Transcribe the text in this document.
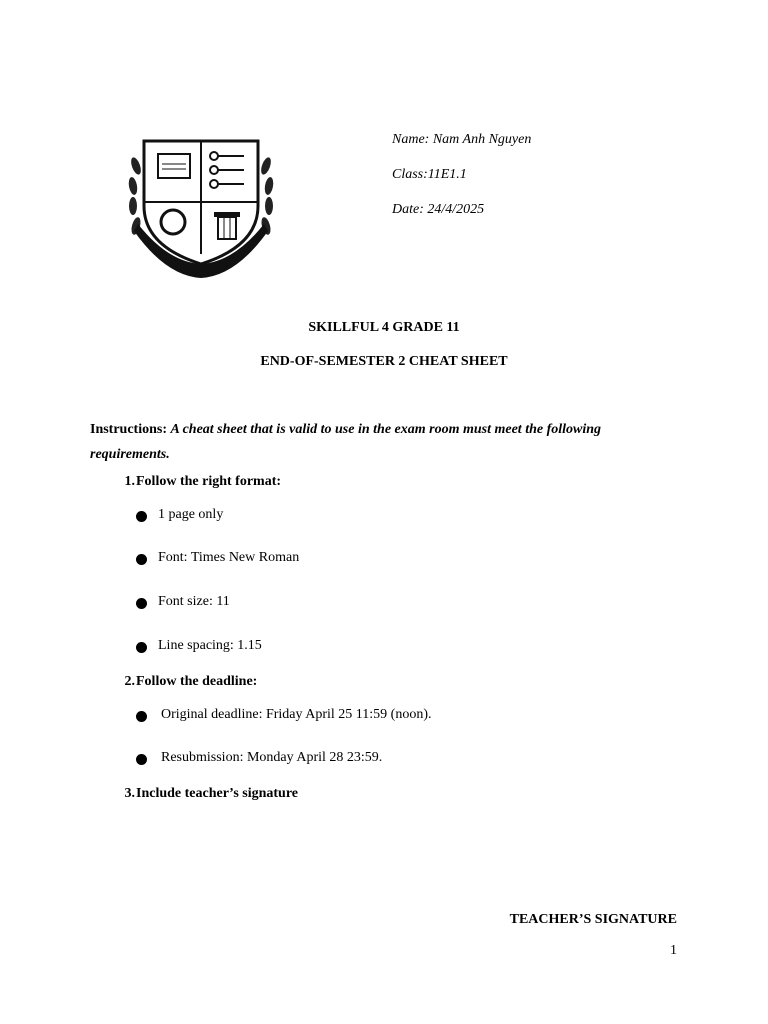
Name: Nam Anh Nguyen
Class:11E1.1
Date: 24/4/2025
SKILLFUL 4 GRADE 11
END-OF-SEMESTER 2 CHEAT SHEET
Instructions: A cheat sheet that is valid to use in the exam room must meet the following requirements.
1. Follow the right format:
1 page only
Font: Times New Roman
Font size: 11
Line spacing: 1.15
2. Follow the deadline:
Original deadline: Friday April 25 11:59 (noon).
Resubmission: Monday April 28 23:59.
3. Include teacher’s signature
TEACHER’S SIGNATURE
1
